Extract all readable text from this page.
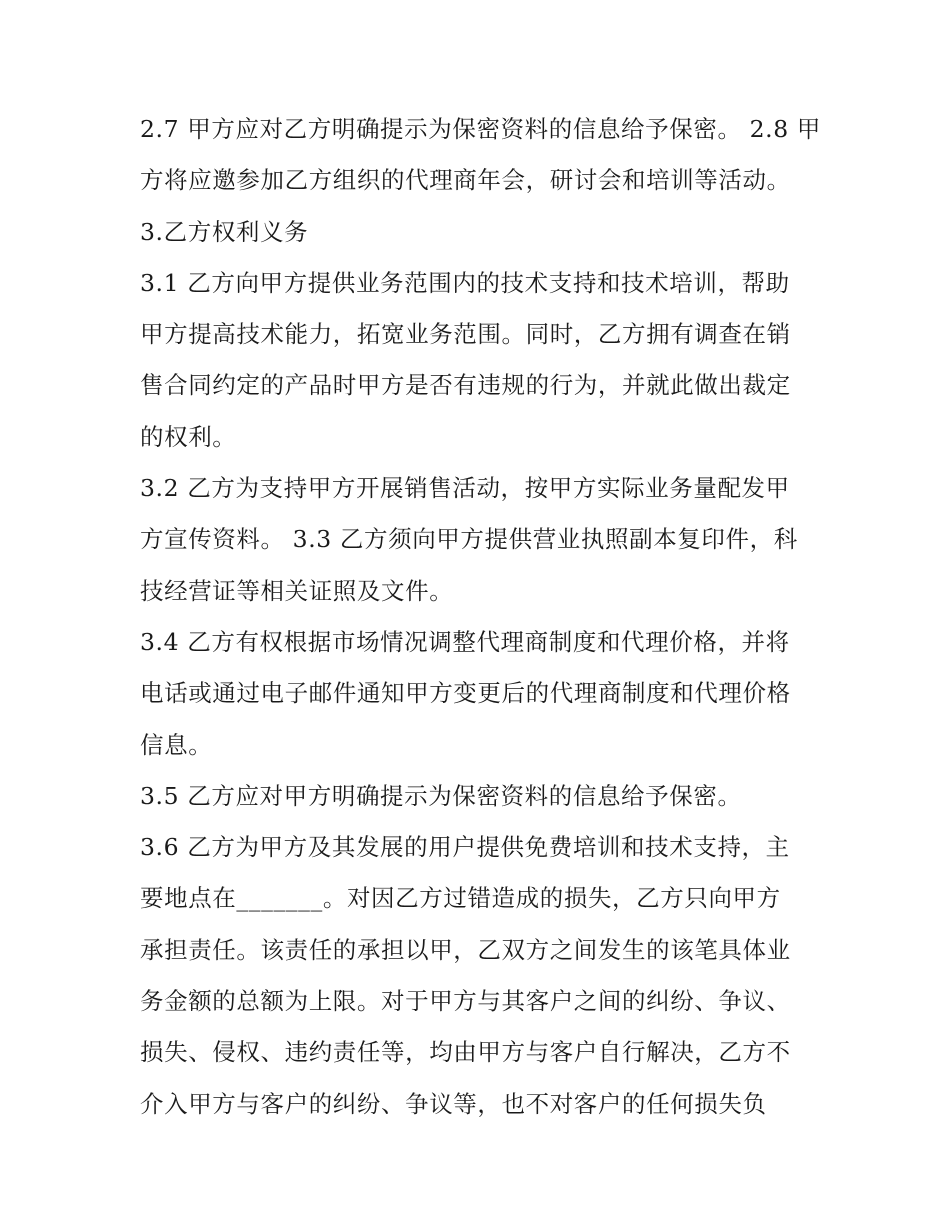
2.7 甲方应对乙方明确提示为保密资料的信息给予保密。 2.8 甲
方将应邀参加乙方组织的代理商年会，研讨会和培训等活动。
3.乙方权利义务
3.1 乙方向甲方提供业务范围内的技术支持和技术培训，帮助
甲方提高技术能力，拓宽业务范围。同时，乙方拥有调查在销
售合同约定的产品时甲方是否有违规的行为，并就此做出裁定
的权利。
3.2 乙方为支持甲方开展销售活动，按甲方实际业务量配发甲
方宣传资料。 3.3 乙方须向甲方提供营业执照副本复印件，科
技经营证等相关证照及文件。
3.4 乙方有权根据市场情况调整代理商制度和代理价格，并将
电话或通过电子邮件通知甲方变更后的代理商制度和代理价格
信息。
3.5 乙方应对甲方明确提示为保密资料的信息给予保密。
3.6 乙方为甲方及其发展的用户提供免费培训和技术支持，主
要地点在_______。对因乙方过错造成的损失，乙方只向甲方
承担责任。该责任的承担以甲，乙双方之间发生的该笔具体业
务金额的总额为上限。对于甲方与其客户之间的纠纷、争议、
损失、侵权、违约责任等，均由甲方与客户自行解决，乙方不
介入甲方与客户的纠纷、争议等，也不对客户的任何损失负
